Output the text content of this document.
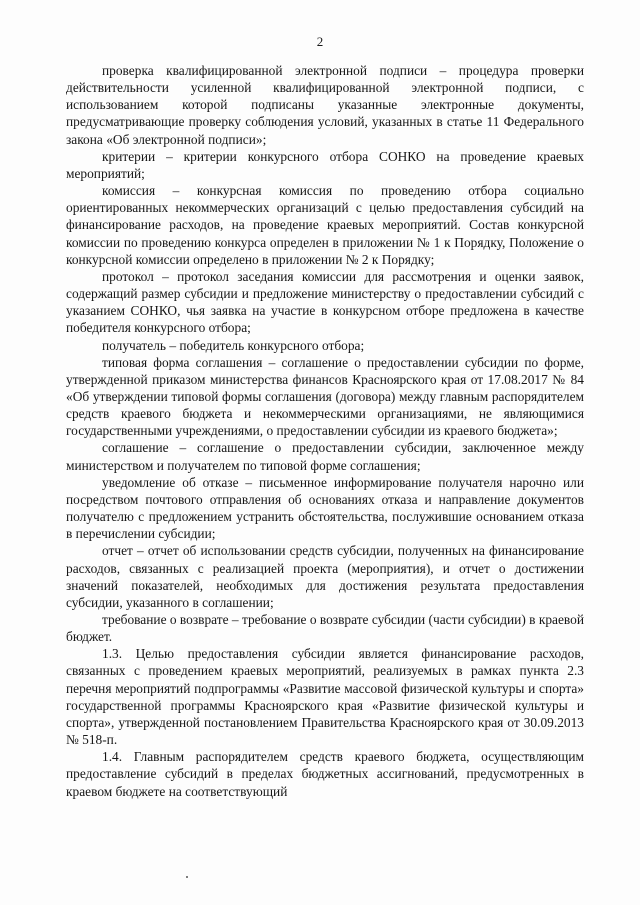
2

проверка квалифицированной электронной подписи – процедура проверки действительности усиленной квалифицированной электронной подписи, с использованием которой подписаны указанные электронные документы, предусматривающие проверку соблюдения условий, указанных в статье 11 Федерального закона «Об электронной подписи»;

критерии – критерии конкурсного отбора СОНКО на проведение краевых мероприятий;

комиссия – конкурсная комиссия по проведению отбора социально ориентированных некоммерческих организаций с целью предоставления субсидий на финансирование расходов, на проведение краевых мероприятий. Состав конкурсной комиссии по проведению конкурса определен в приложении № 1 к Порядку, Положение о конкурсной комиссии определено в приложении № 2 к Порядку;

протокол – протокол заседания комиссии для рассмотрения и оценки заявок, содержащий размер субсидии и предложение министерству о предоставлении субсидий с указанием СОНКО, чья заявка на участие в конкурсном отборе предложена в качестве победителя конкурсного отбора;

получатель – победитель конкурсного отбора;

типовая форма соглашения – соглашение о предоставлении субсидии по форме, утвержденной приказом министерства финансов Красноярского края от 17.08.2017 № 84 «Об утверждении типовой формы соглашения (договора) между главным распорядителем средств краевого бюджета и некоммерческими организациями, не являющимися государственными учреждениями, о предоставлении субсидии из краевого бюджета»;

соглашение – соглашение о предоставлении субсидии, заключенное между министерством и получателем по типовой форме соглашения;

уведомление об отказе – письменное информирование получателя нарочно или посредством почтового отправления об основаниях отказа и направление документов получателю с предложением устранить обстоятельства, послужившие основанием отказа в перечислении субсидии;

отчет – отчет об использовании средств субсидии, полученных на финансирование расходов, связанных с реализацией проекта (мероприятия), и отчет о достижении значений показателей, необходимых для достижения результата предоставления субсидии, указанного в соглашении;

требование о возврате – требование о возврате субсидии (части субсидии) в краевой бюджет.

1.3. Целью предоставления субсидии является финансирование расходов, связанных с проведением краевых мероприятий, реализуемых в рамках пункта 2.3 перечня мероприятий подпрограммы «Развитие массовой физической культуры и спорта» государственной программы Красноярского края «Развитие физической культуры и спорта», утвержденной постановлением Правительства Красноярского края от 30.09.2013 № 518-п.

1.4. Главным распорядителем средств краевого бюджета, осуществляющим предоставление субсидий в пределах бюджетных ассигнований, предусмотренных в краевом бюджете на соответствующий
